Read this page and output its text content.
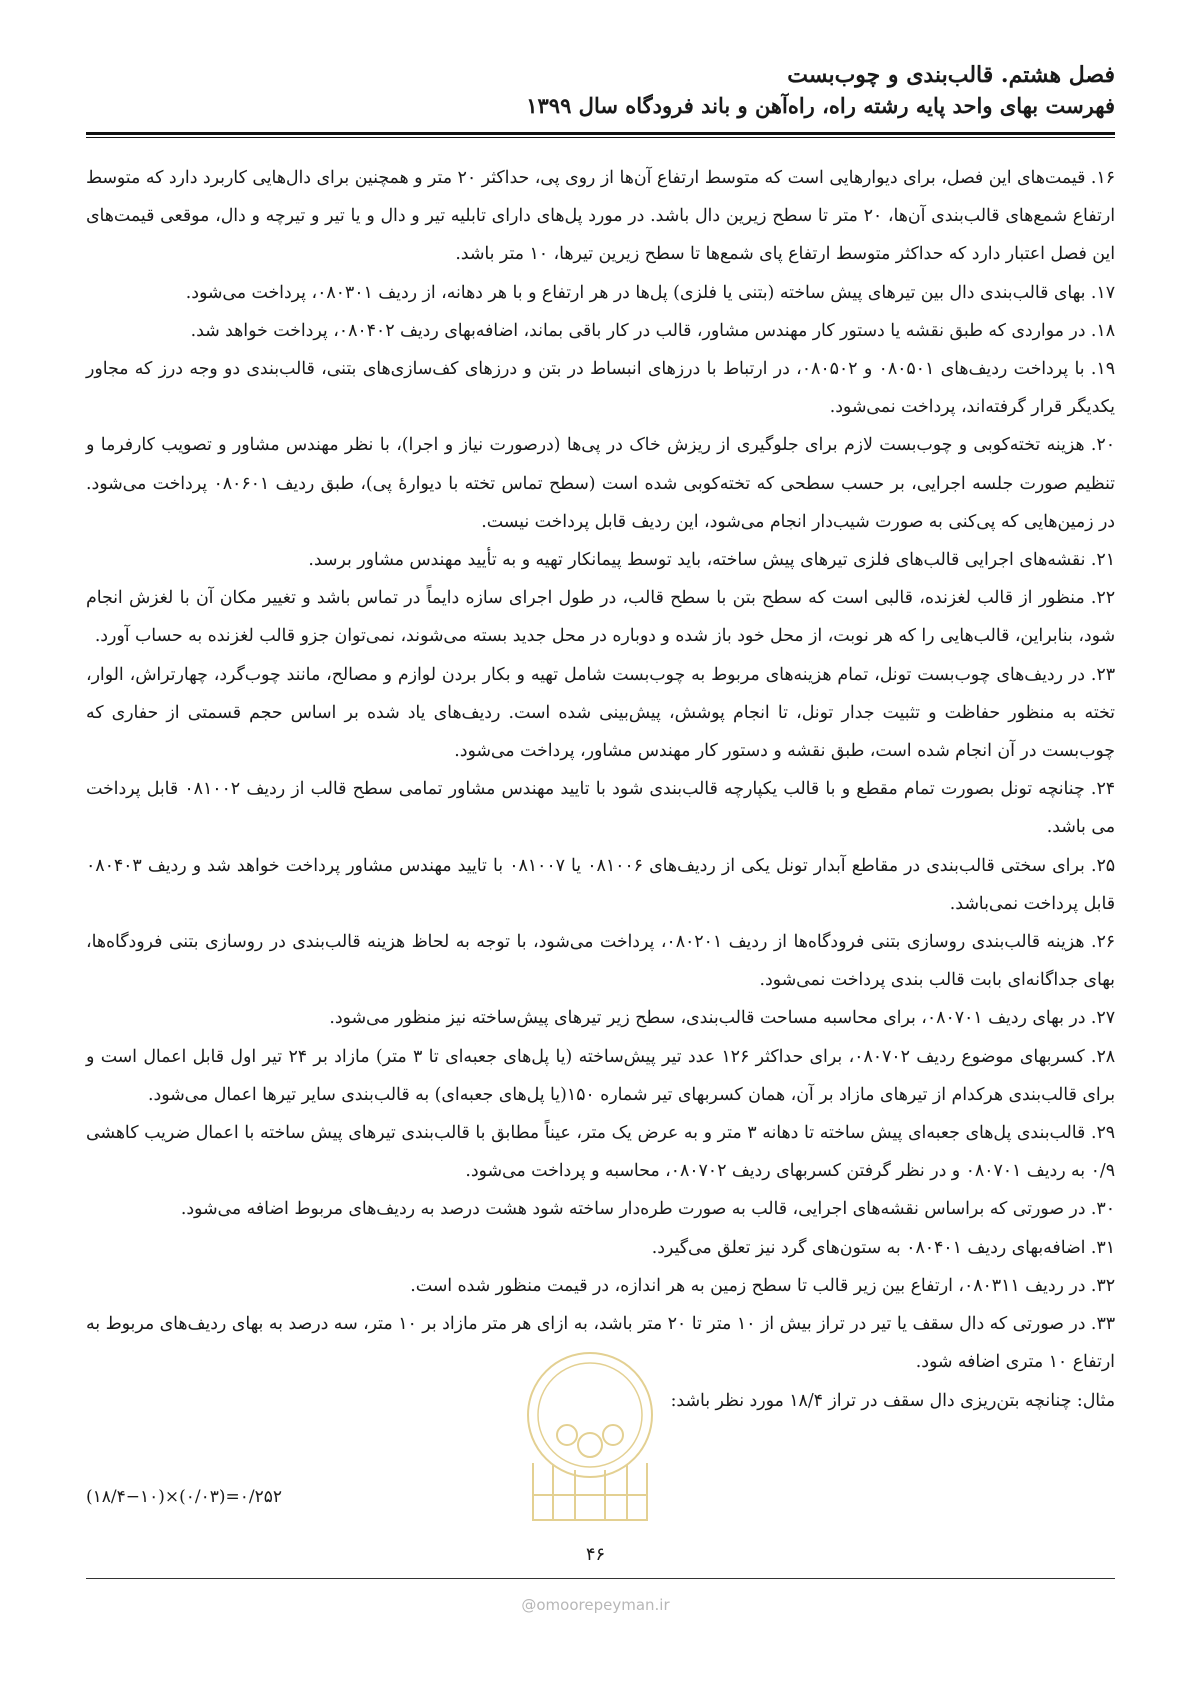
فصل هشتم. قالب‌بندی و چوب‌بست
فهرست بهای واحد پایه رشته راه، راه‌آهن و باند فرودگاه سال ۱۳۹۹

۱۶. قیمت‌های این فصل، برای دیوارهایی است که متوسط ارتفاع آن‌ها از روی پی، حداکثر ۲۰ متر و همچنین برای دال‌هایی کاربرد دارد که متوسط ارتفاع شمع‌های قالب‌بندی آن‌ها، ۲۰ متر تا سطح زیرین دال باشد. در مورد پل‌های دارای تابلیه تیر و دال و یا تیر و تیرچه و دال، موقعی قیمت‌های این فصل اعتبار دارد که حداکثر متوسط ارتفاع پای شمع‌ها تا سطح زیرین تیرها، ۱۰ متر باشد.

۱۷. بهای قالب‌بندی دال بین تیرهای پیش ساخته (بتنی یا فلزی) پل‌ها در هر ارتفاع و با هر دهانه، از ردیف ۰۸۰۳۰۱، پرداخت می‌شود.

۱۸. در مواردی که طبق نقشه یا دستور کار مهندس مشاور، قالب در کار باقی بماند، اضافه‌بهای ردیف ۰۸۰۴۰۲، پرداخت خواهد شد.

۱۹. با پرداخت ردیف‌های ۰۸۰۵۰۱ و ۰۸۰۵۰۲، در ارتباط با درزهای انبساط در بتن و درزهای کف‌سازی‌های بتنی، قالب‌بندی دو وجه درز که مجاور یکدیگر قرار گرفته‌اند، پرداخت نمی‌شود.

۲۰. هزینه تخته‌کوبی و چوب‌بست لازم برای جلوگیری از ریزش خاک در پی‌ها (درصورت نیاز و اجرا)، با نظر مهندس مشاور و تصویب کارفرما و تنظیم صورت جلسه اجرایی، بر حسب سطحی که تخته‌کوبی شده است (سطح تماس تخته با دیوارهٔ پی)، طبق ردیف ۰۸۰۶۰۱ پرداخت می‌شود. در زمین‌هایی که پی‌کنی به صورت شیب‌دار انجام می‌شود، این ردیف قابل پرداخت نیست.

۲۱. نقشه‌های اجرایی قالب‌های فلزی تیرهای پیش ساخته، باید توسط پیمانکار تهیه و به تأیید مهندس مشاور برسد.

۲۲. منظور از قالب لغزنده، قالبی است که سطح بتن با سطح قالب، در طول اجرای سازه دایماً در تماس باشد و تغییر مکان آن با لغزش انجام شود، بنابراین، قالب‌هایی را که هر نوبت، از محل خود باز شده و دوباره در محل جدید بسته می‌شوند، نمی‌توان جزو قالب لغزنده به حساب آورد.

۲۳. در ردیف‌های چوب‌بست تونل، تمام هزینه‌های مربوط به چوب‌بست شامل تهیه و بکار بردن لوازم و مصالح، مانند چوب‌گرد، چهارتراش، الوار، تخته به منظور حفاظت و تثبیت جدار تونل، تا انجام پوشش، پیش‌بینی شده است. ردیف‌های یاد شده بر اساس حجم قسمتی از حفاری که چوب‌بست در آن انجام شده است، طبق نقشه و دستور کار مهندس مشاور، پرداخت می‌شود.

۲۴. چنانچه تونل بصورت تمام مقطع و با قالب یکپارچه قالب‌بندی شود با تایید مهندس مشاور تمامی سطح قالب از ردیف ۰۸۱۰۰۲ قابل پرداخت می باشد.

۲۵. برای سختی قالب‌بندی در مقاطع آبدار تونل یکی از ردیف‌های ۰۸۱۰۰۶ یا ۰۸۱۰۰۷ با تایید مهندس مشاور پرداخت خواهد شد و ردیف ۰۸۰۴۰۳ قابل پرداخت نمی‌باشد.

۲۶. هزینه قالب‌بندی روسازی بتنی فرودگاه‌ها از ردیف ۰۸۰۲۰۱، پرداخت می‌شود، با توجه به لحاظ هزینه قالب‌بندی در روسازی بتنی فرودگاه‌ها، بهای جداگانه‌ای بابت قالب بندی پرداخت نمی‌شود.

۲۷. در بهای ردیف ۰۸۰۷۰۱، برای محاسبه مساحت قالب‌بندی، سطح زیر تیرهای پیش‌ساخته نیز منظور می‌شود.

۲۸. کسربهای موضوع ردیف ۰۸۰۷۰۲، برای حداکثر ۱۲۶ عدد تیر پیش‌ساخته (یا پل‌های جعبه‌ای تا ۳ متر) مازاد بر ۲۴ تیر اول قابل اعمال است و برای قالب‌بندی هرکدام از تیرهای مازاد بر آن، همان کسربهای تیر شماره ۱۵۰(یا پل‌های جعبه‌ای) به قالب‌بندی سایر تیرها اعمال می‌شود.

۲۹. قالب‌بندی پل‌های جعبه‌ای پیش ساخته تا دهانه ۳ متر و به عرض یک متر، عیناً مطابق با قالب‌بندی تیرهای پیش ساخته با اعمال ضریب کاهشی ۰/۹ به ردیف ۰۸۰۷۰۱ و در نظر گرفتن کسربهای ردیف ۰۸۰۷۰۲، محاسبه و پرداخت می‌شود.

۳۰. در صورتی که براساس نقشه‌های اجرایی، قالب به صورت طره‌دار ساخته شود هشت درصد به ردیف‌های مربوط اضافه می‌شود.

۳۱. اضافه‌بهای ردیف ۰۸۰۴۰۱ به ستون‌های گرد نیز تعلق می‌گیرد.

۳۲. در ردیف ۰۸۰۳۱۱، ارتفاع بین زیر قالب تا سطح زمین به هر اندازه، در قیمت منظور شده است.

۳۳. در صورتی که دال سقف یا تیر در تراز بیش از ۱۰ متر تا ۲۰ متر باشد، به ازای هر متر مازاد بر ۱۰ متر، سه درصد به بهای ردیف‌های مربوط به ارتفاع ۱۰ متری اضافه شود.

مثال: چنانچه بتن‌ریزی دال سقف در تراز ۱۸/۴ مورد نظر باشد:

(۱۸/۴−۱۰)×(۰/۰۳)=۰/۲۵۲
۴۶
@omoorepeyman.ir
